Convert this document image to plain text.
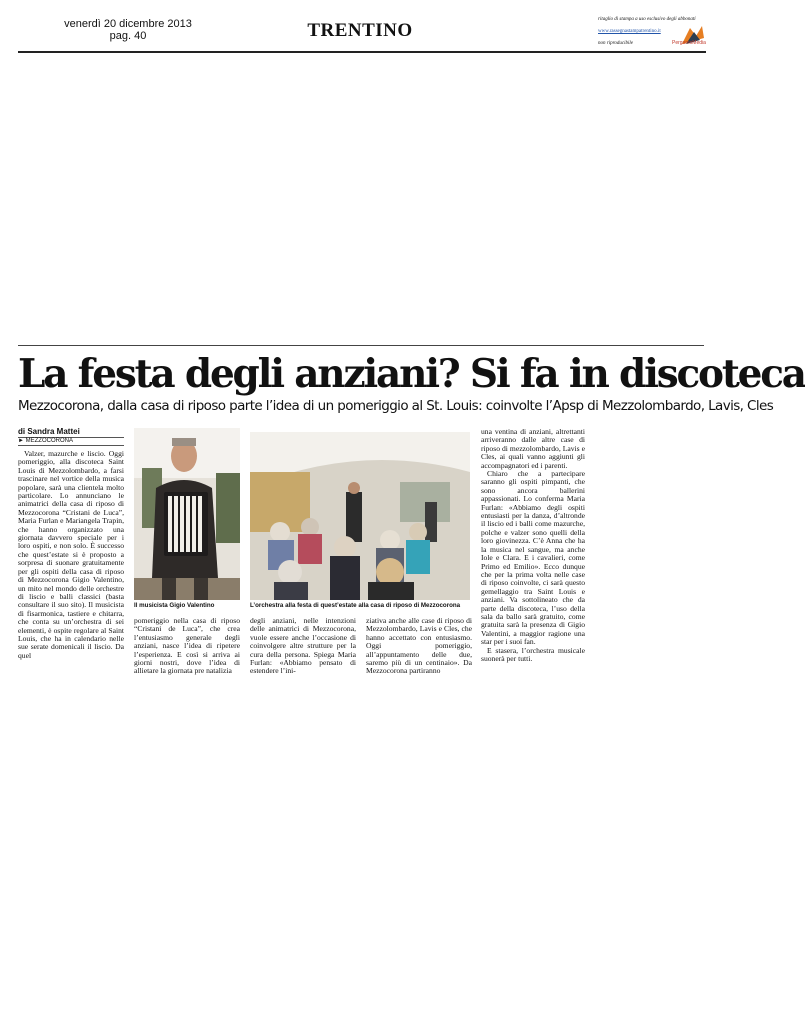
venerdì 20 dicembre 2013
pag. 40	TRENTINO
ritaglio di stampa a uso esclusivo degli abbonati
www.rassegnastampatrentino.it
non riproducibile	PergamoMedia
La festa degli anziani? Si fa in discoteca
Mezzocorona, dalla casa di riposo parte l’idea di un pomeriggio al St. Louis: coinvolte l’Apsp di Mezzolombardo, Lavis, Cles
di Sandra Mattei
► MEZZOCORONA

Valzer, mazurche e liscio. Oggi pomeriggio, alla discoteca Saint Louis di Mezzolombardo, a farsi trascinare nel vortice della musica popolare, sarà una clientela molto particolare. Lo annunciano le animatrici della casa di riposo di Mezzocorona “Cristani de Luca”, Maria Furlan e Mariangela Trapin, che hanno organizzato una giornata davvero speciale per i loro ospiti, e non solo. È successo che quest’estate si è proposto a sorpresa di suonare gratuitamente per gli ospiti della casa di riposo di Mezzocorona Gigio Valentino, un mito nel mondo delle orchestre di liscio e balli classici (basta consultare il suo sito). Il musicista di fisarmonica, tastiere e chitarra, che conta su un’orchestra di sei elementi, è ospite regolare al Saint Louis, che ha in calendario nelle sue serate domenicali il liscio. Da quel

Il musicista Gigio Valentino	L’orchestra alla festa di quest’estate alla casa di riposo di Mezzocorona

pomeriggio nella casa di riposo “Cristani de Luca”, che crea l’entusiasmo generale degli anziani, nasce l’idea di ripetere l’esperienza. E così si arriva ai giorni nostri, dove l’idea di allietare la giornata pre natalizia

degli anziani, nelle intenzioni delle animatrici di Mezzocorona, vuole essere anche l’occasione di coinvolgere altre strutture per la cura della persona. Spiega Maria Furlan: «Abbiamo pensato di estendere l’ini-

ziativa anche alle case di riposo di Mezzolombardo, Lavis e Cles, che hanno accettato con entusiasmo. Oggi pomeriggio, all’appuntamento delle due, saremo più di un centinaio». Da Mezzocorona partiranno

una ventina di anziani, altrettanti arriveranno dalle altre case di riposo di mezzolombardo, Lavis e Cles, ai quali vanno aggiunti gli accompagnatori ed i parenti.

Chiaro che a partecipare saranno gli ospiti pimpanti, che sono ancora ballerini appassionati. Lo conferma Maria Furlan: «Abbiamo degli ospiti entusiasti per la danza, d’altronde il liscio ed i balli come mazurche, polche e valzer sono quelli della loro giovinezza. C’è Anna che ha la musica nel sangue, ma anche Iole e Clara. E i cavalieri, come Primo ed Emilio». Ecco dunque che per la prima volta nelle case di riposo coinvolte, ci sarà questo gemellaggio tra Saint Louis e anziani. Va sottolineato che da parte della discoteca, l’uso della sala da ballo sarà gratuito, come gratuita sarà la presenza di Gigio Valentini, a maggior ragione una star per i suoi fan.

E stasera, l’orchestra musicale suonerà per tutti.
